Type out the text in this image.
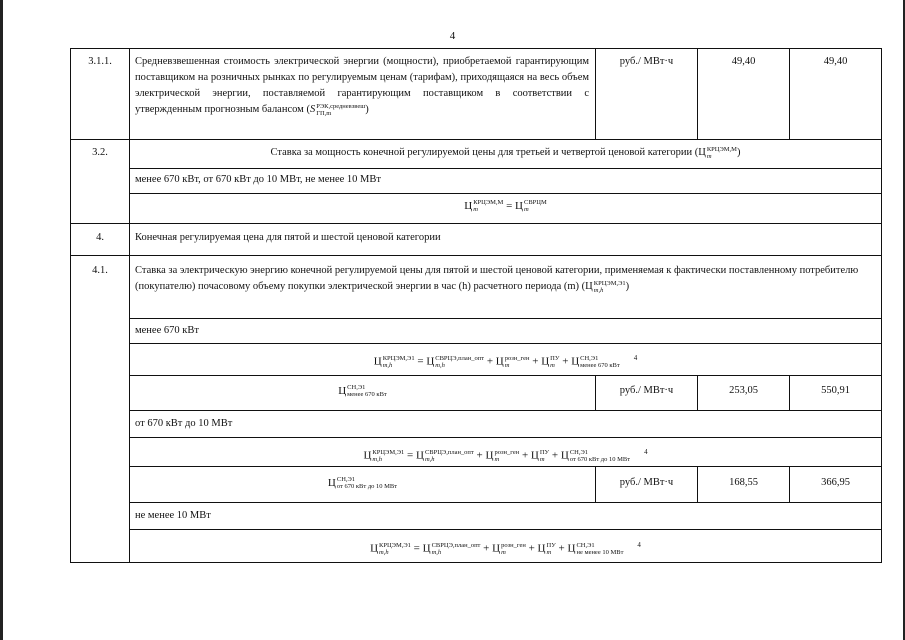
4
3.1.1.	Средневзвешенная стоимость электрической энергии (мощности), приобретаемой гарантирующим поставщиком на розничных рынках по регулируемым ценам (тарифам), приходящаяся на весь объем электрической энергии, поставляемой гарантирующим поставщиком в соответствии с утвержденным прогнозным балансом (S РЭК,средневзвеш
ГП,m	)
руб./ МВт·ч	49,40	49,40
3.2.	Ставка за мощность конечной регулируемой цены для третьей и четвертой ценовой категории (Ц КРЦЭМ,М
m	)
менее 670 кВт, от 670 кВт до 10 МВт, не менее 10 МВт
Ц КРЦЭМ,М
m	= Ц СВРЦМ
m
4.	Конечная регулируемая цена для пятой и шестой ценовой категории
4.1.	Ставка за электрическую энергию конечной регулируемой цены для пятой и шестой ценовой категории, применяемая к фактически поставленному потребителю (покупателю) почасовому объему покупки электрической энергии в час (h) расчетного периода (m) (Ц КРЦЭМ,Э1
m,h	)
менее 670 кВт
Ц КРЦЭМ,Э1
m,h	= Ц СВРЦЭ,план_опт
m,h	+ Ц розн_ген
m	+ Ц ПУ
m + Ц СН,Э1
менее 670 кВт
$^4$
Ц СН,Э1
менее 670 кВт	руб./ МВт·ч	253,05	550,91
от 670 кВт до 10 МВт
Ц КРЦЭМ,Э1
m,h	= Ц СВРЦЭ,план_опт
m,h	+ Ц розн_ген
m	+ Ц ПУ
m + Ц СН,Э1
от 670 кВт до 10 МВт
$^4$
Ц СН,Э1
от 670 кВт до 10 МВт	руб./ МВт·ч	168,55	366,95
не менее 10 МВт
Ц КРЦЭМ,Э1
m,h	= Ц СВРЦЭ,план_опт
m,h	+ Ц розн_ген
m	+ Ц ПУ
m + Ц СН,Э1
не менее 10 МВт
$^4$
